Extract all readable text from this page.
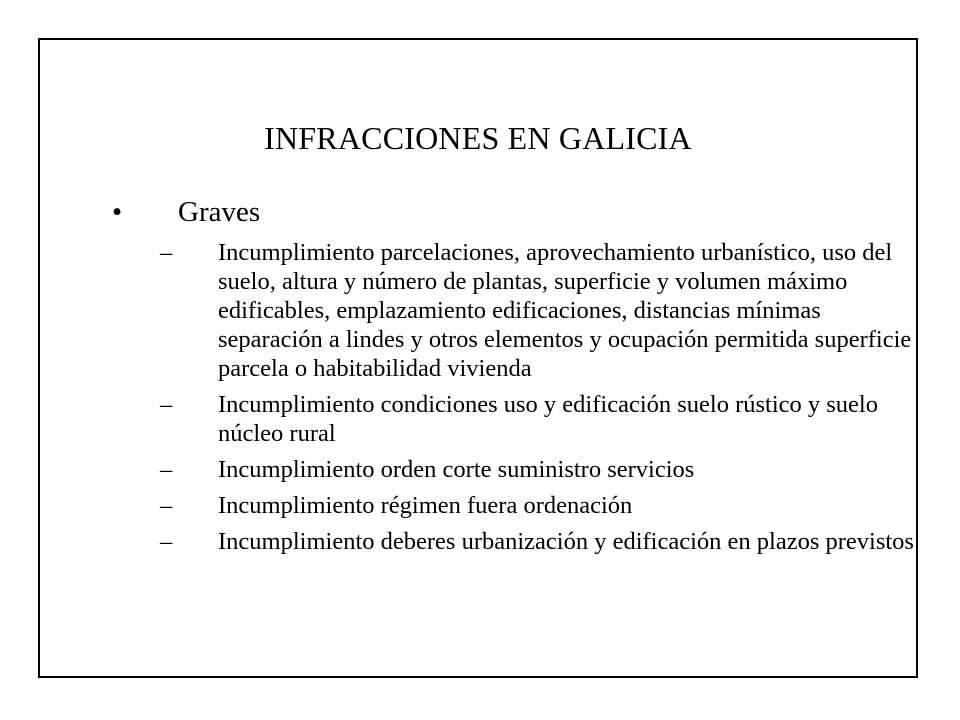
INFRACCIONES EN GALICIA
•	Graves
– Incumplimiento parcelaciones, aprovechamiento urbanístico, uso del suelo, altura y número de plantas, superficie y volumen máximo edificables, emplazamiento edificaciones, distancias mínimas separación a lindes y otros elementos y ocupación permitida superficie parcela o habitabilidad vivienda
– Incumplimiento condiciones uso y edificación suelo rústico y suelo núcleo rural
– Incumplimiento orden corte suministro servicios
– Incumplimiento régimen fuera ordenación
– Incumplimiento deberes urbanización y edificación en plazos previstos
